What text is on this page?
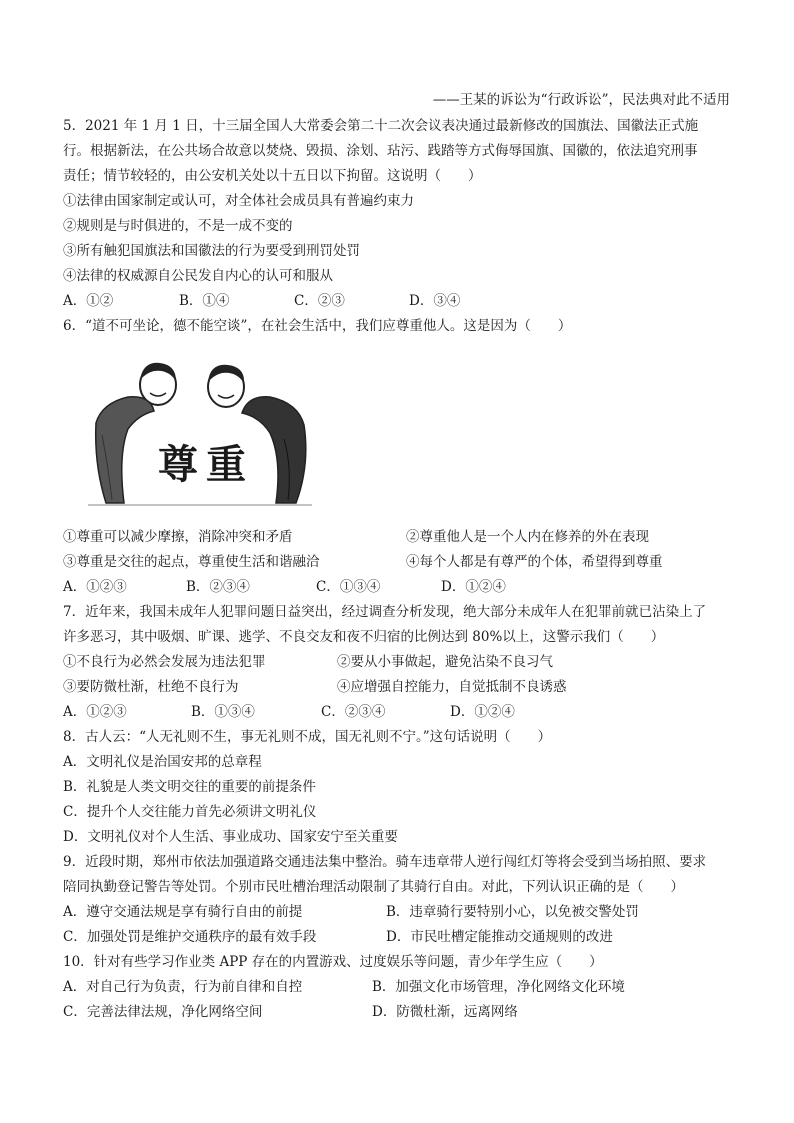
——王某的诉讼为“行政诉讼”，民法典对此不适用
5．2021 年 1 月 1 日，十三届全国人大常委会第二十二次会议表决通过最新修改的国旗法、国徽法正式施
行。根据新法，在公共场合故意以焚烧、毁损、涂划、玷污、践踏等方式侮辱国旗、国徽的，依法追究刑事
责任；情节较轻的，由公安机关处以十五日以下拘留。这说明（　　）
①法律由国家制定或认可，对全体社会成员具有普遍约束力
②规则是与时俱进的，不是一成不变的
③所有触犯国旗法和国徽法的行为要受到刑罚处罚
④法律的权威源自公民发自内心的认可和服从
A．①②	B．①④	C．②③	D．③④
6．“道不可坐论，德不能空谈”，在社会生活中，我们应尊重他人。这是因为（　　）
尊重
①尊重可以减少摩擦，消除冲突和矛盾	②尊重他人是一个人内在修养的外在表现
③尊重是交往的起点，尊重使生活和谐融洽	④每个人都是有尊严的个体，希望得到尊重
A．①②③	B．②③④	C．①③④	D．①②④
7．近年来，我国未成年人犯罪问题日益突出，经过调查分析发现，绝大部分未成年人在犯罪前就已沾染上了
许多恶习，其中吸烟、旷课、逃学、不良交友和夜不归宿的比例达到 80%以上，这警示我们（　　）
①不良行为必然会发展为违法犯罪	②要从小事做起，避免沾染不良习气
③要防微杜渐，杜绝不良行为	④应增强自控能力，自觉抵制不良诱惑
A．①②③	B．①③④	C．②③④	D．①②④
8．古人云：“人无礼则不生，事无礼则不成，国无礼则不宁。”这句话说明（　　）
A．文明礼仪是治国安邦的总章程
B．礼貌是人类文明交往的重要的前提条件
C．提升个人交往能力首先必须讲文明礼仪
D．文明礼仪对个人生活、事业成功、国家安宁至关重要
9．近段时期，郑州市依法加强道路交通违法集中整治。骑车违章带人逆行闯红灯等将会受到当场拍照、要求
陪同执勤登记警告等处罚。个别市民吐槽治理活动限制了其骑行自由。对此，下列认识正确的是（　　）
A．遵守交通法规是享有骑行自由的前提	B．违章骑行要特别小心，以免被交警处罚
C．加强处罚是维护交通秩序的最有效手段	D．市民吐槽定能推动交通规则的改进
10．针对有些学习作业类 APP 存在的内置游戏、过度娱乐等问题，青少年学生应（　　）
A．对自己行为负责，行为前自律和自控	B．加强文化市场管理，净化网络文化环境
C．完善法律法规，净化网络空间	D．防微杜渐，远离网络
